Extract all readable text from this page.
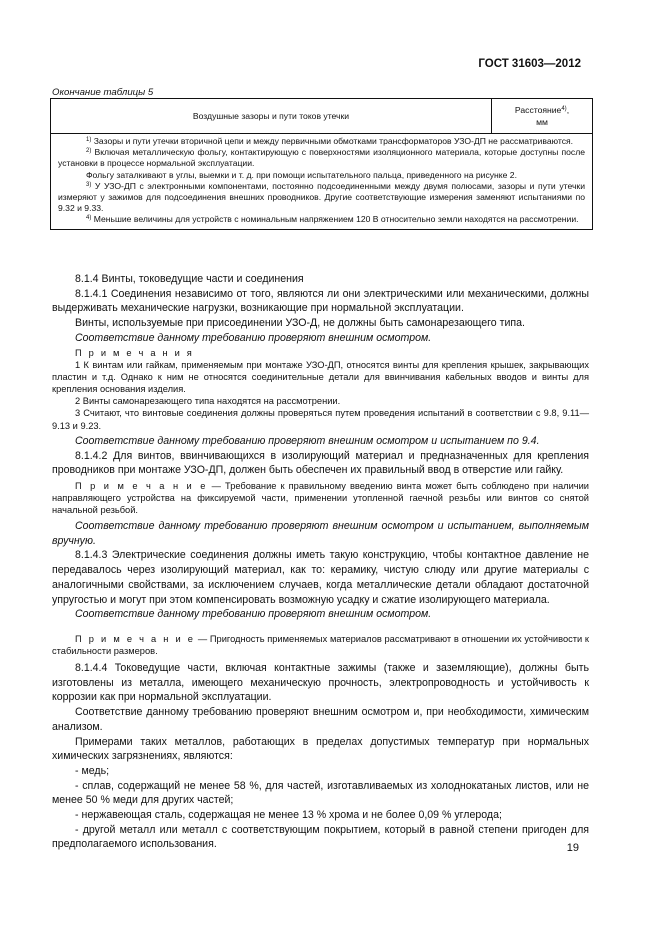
ГОСТ 31603—2012
Окончание таблицы 5
Воздушные зазоры и пути токов утечки
Расстояние$^{4)}$,
мм

$^{1)}$ Зазоры и пути утечки вторичной цепи и между первичными обмотками трансформаторов УЗО-ДП не рассматриваются.

$^{2)}$ Включая металлическую фольгу, контактирующую с поверхностями изоляционного материала, которые доступны после установки в процессе нормальной эксплуатации.

Фольгу заталкивают в углы, выемки и т. д. при помощи испытательного пальца, приведенного на рисунке 2.

$^{3)}$ У УЗО-ДП с электронными компонентами, постоянно подсоединенными между двумя полюсами, зазоры и пути утечки измеряют у зажимов для подсоединения внешних проводников. Другие соответствующие измерения заменяют испытаниями по 9.32 и 9.33.

$^{4)}$ Меньшие величины для устройств с номинальным напряжением 120 В относительно земли находятся на рассмотрении.

8.1.4 Винты, токоведущие части и соединения

8.1.4.1 Соединения независимо от того, являются ли они электрическими или механическими, должны выдерживать механические нагрузки, возникающие при нормальной эксплуатации.

Винты, используемые при присоединении УЗО-Д, не должны быть самонарезающего типа.

Соответствие данному требованию проверяют внешним осмотром.

П р и м е ч а н и я

1 К винтам или гайкам, применяемым при монтаже УЗО-ДП, относятся винты для крепления крышек, закрывающих пластин и т.д. Однако к ним не относятся соединительные детали для ввинчивания кабельных вводов и винты для крепления основания изделия.

2 Винты самонарезающего типа находятся на рассмотрении.

3 Считают, что винтовые соединения должны проверяться путем проведения испытаний в соответствии с 9.8, 9.11—9.13 и 9.23.

Соответствие данному требованию проверяют внешним осмотром и испытанием по 9.4.

8.1.4.2 Для винтов, ввинчивающихся в изолирующий материал и предназначенных для крепления проводников при монтаже УЗО-ДП, должен быть обеспечен их правильный ввод в отверстие или гайку.

П р и м е ч а н и е — Требование к правильному введению винта может быть соблюдено при наличии направляющего устройства на фиксируемой части, применении утопленной гаечной резьбы или винтов со снятой начальной резьбой.

Соответствие данному требованию проверяют внешним осмотром и испытанием, выполняемым вручную.

8.1.4.3 Электрические соединения должны иметь такую конструкцию, чтобы контактное давление не передавалось через изолирующий материал, как то: керамику, чистую слюду или другие материалы с аналогичными свойствами, за исключением случаев, когда металлические детали обладают достаточной упругостью и могут при этом компенсировать возможную усадку и сжатие изолирующего материала.

Соответствие данному требованию проверяют внешним осмотром.

П р и м е ч а н и е — Пригодность применяемых материалов рассматривают в отношении их устойчивости к стабильности размеров.

8.1.4.4 Токоведущие части, включая контактные зажимы (также и заземляющие), должны быть изготовлены из металла, имеющего механическую прочность, электропроводность и устойчивость к коррозии как при нормальной эксплуатации.

Соответствие данному требованию проверяют внешним осмотром и, при необходимости, химическим анализом.

Примерами таких металлов, работающих в пределах допустимых температур при нормальных химических загрязнениях, являются:

- медь;

- сплав, содержащий не менее 58 %, для частей, изготавливаемых из холоднокатаных листов, или не менее 50 % меди для других частей;

- нержавеющая сталь, содержащая не менее 13 % хрома и не более 0,09 % углерода;

- другой металл или металл с соответствующим покрытием, который в равной степени пригоден для предполагаемого использования.	19
